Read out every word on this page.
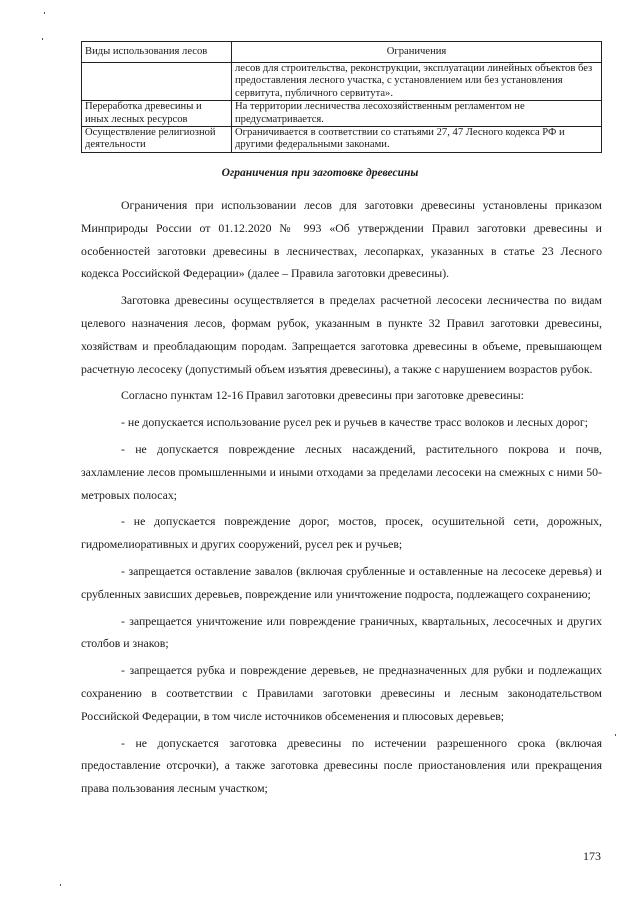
Виды использования лесов	Ограничения
	лесов для строительства, реконструкции, эксплуатации линейных объектов без предоставления лесного участка, с установлением или без установления сервитута, публичного сервитута».
Переработка древесины и иных лесных ресурсов	На территории лесничества лесохозяйственным регламентом не предусматривается.
Осуществление религиозной деятельности	Ограничивается в соответствии со статьями 27, 47 Лесного кодекса РФ и другими федеральными законами.
Ограничения при заготовке древесины

Ограничения при использовании лесов для заготовки древесины установлены приказом Минприроды России от 01.12.2020 № 993 «Об утверждении Правил заготовки древесины и особенностей заготовки древесины в лесничествах, лесопарках, указанных в статье 23 Лесного кодекса Российской Федерации» (далее – Правила заготовки древесины).

Заготовка древесины осуществляется в пределах расчетной лесосеки лесничества по видам целевого назначения лесов, формам рубок, указанным в пункте 32 Правил заготовки древесины, хозяйствам и преобладающим породам. Запрещается заготовка древесины в объеме, превышающем расчетную лесосеку (допустимый объем изъятия древесины), а также с нарушением возрастов рубок.

Согласно пунктам 12-16 Правил заготовки древесины при заготовке древесины:

- не допускается использование русел рек и ручьев в качестве трасс волоков и лесных дорог;

- не допускается повреждение лесных насаждений, растительного покрова и почв, захламление лесов промышленными и иными отходами за пределами лесосеки на смежных с ними 50-метровых полосах;

- не допускается повреждение дорог, мостов, просек, осушительной сети, дорожных, гидромелиоративных и других сооружений, русел рек и ручьев;

- запрещается оставление завалов (включая срубленные и оставленные на лесосеке деревья) и срубленных зависших деревьев, повреждение или уничтожение подроста, подлежащего сохранению;

- запрещается уничтожение или повреждение граничных, квартальных, лесосечных и других столбов и знаков;

- запрещается рубка и повреждение деревьев, не предназначенных для рубки и подлежащих сохранению в соответствии с Правилами заготовки древесины и лесным законодательством Российской Федерации, в том числе источников обсеменения и плюсовых деревьев;

- не допускается заготовка древесины по истечении разрешенного срока (включая предоставление отсрочки), а также заготовка древесины после приостановления или прекращения права пользования лесным участком;

173
